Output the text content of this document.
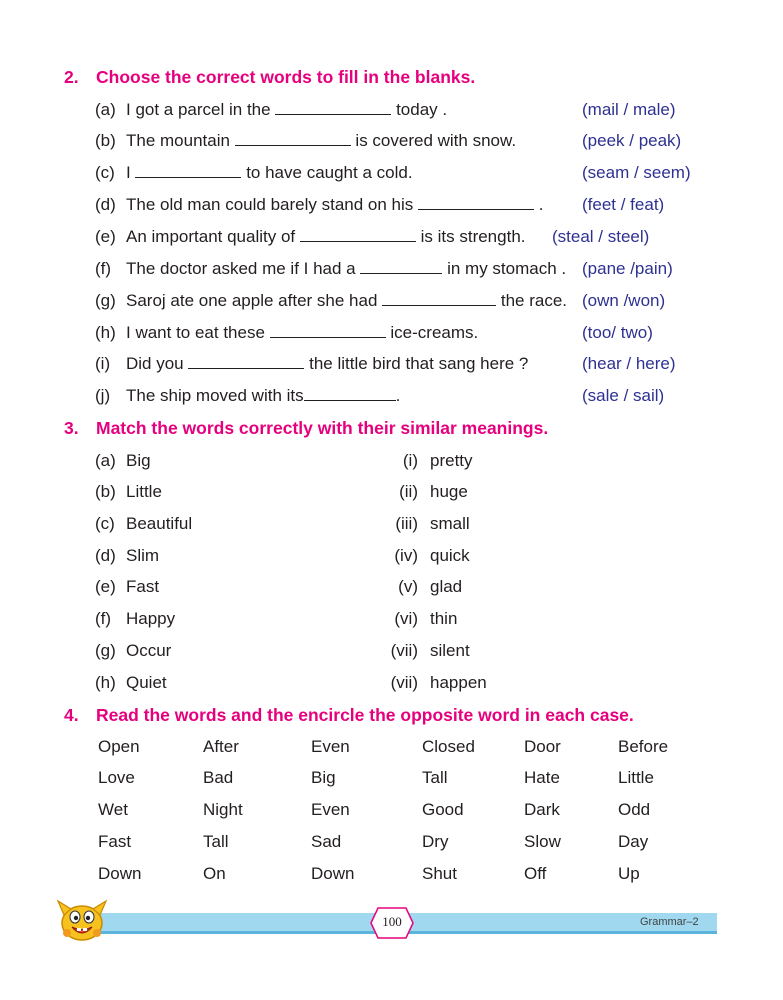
2. Choose the correct words to fill in the blanks.
(a) I got a parcel in the	today .	(mail / male)
(b) The mountain	is covered with snow.	(peek / peak)
(c) I	to have caught a cold.	(seam / seem)
(d) The old man could barely stand on his	. (feet / feat)
(e) An important quality of	is its strength. (steal / steel)
(f) The doctor asked me if I had a	in my stomach . (pane /pain)
(g) Saroj ate one apple after she had	the race. (own /won)
(h) I want to eat these	ice-creams.	(too/ two)
(i) Did you	the little bird that sang here ?	(hear / here)
(j) The ship moved with its	.	(sale / sail)
3. Match the words correctly with their similar meanings.
(a) Big	(i) pretty
(b) Little	(ii) huge
(c) Beautiful	(iii) small
(d) Slim	(iv) quick
(e) Fast	(v) glad
(f) Happy	(vi) thin
(g) Occur	(vii) silent
(h) Quiet	(vii) happen
4. Read the words and the encircle the opposite word in each case.
Open	After	Even	Closed	Door	Before
Love	Bad	Big	Tall	Hate	Little
Wet	Night	Even	Good	Dark	Odd
Fast	Tall	Sad	Dry	Slow	Day
Down	On	Down	Shut	Off	Up
100	Grammar–2
